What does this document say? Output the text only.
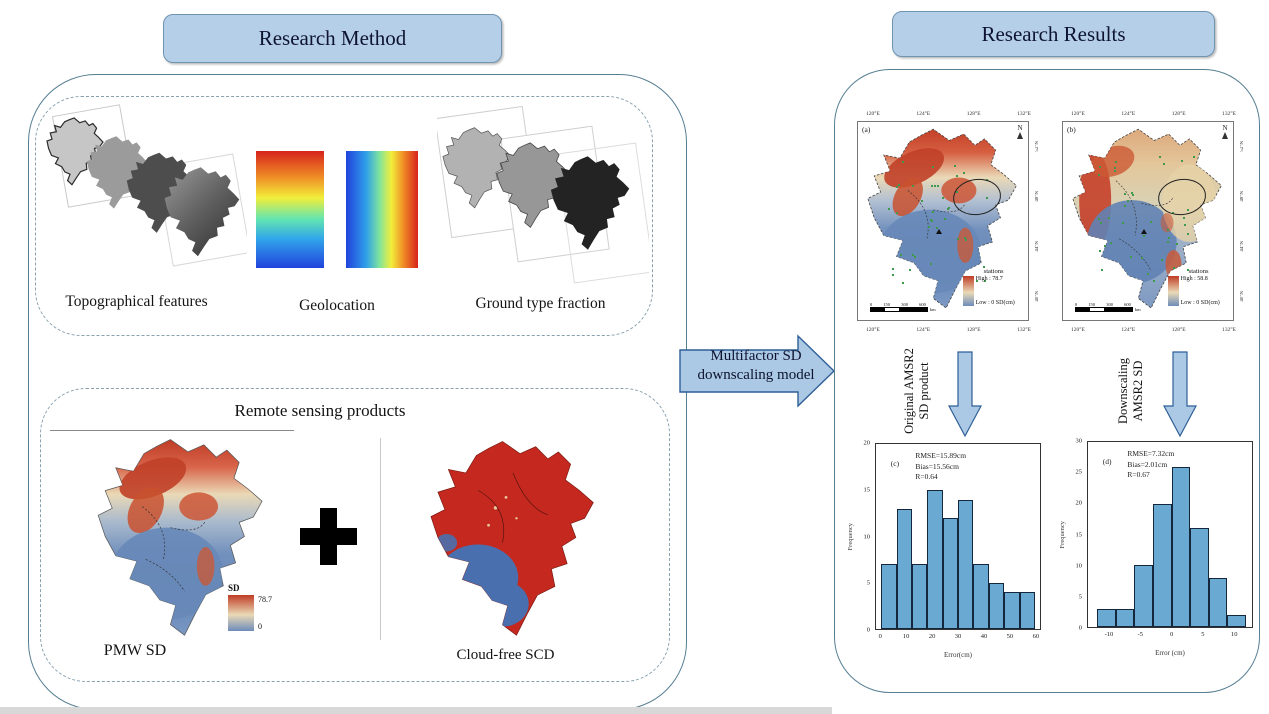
Research Method
Topographical features	Geolocation	Ground type fraction
Remote sensing products
SD
78.7
0
PMW SD	Cloud-free SCD
Multifactor SD
downscaling model
Research Results
120°E	124°E	128°E	132°E
(a)	N
stations
High : 78.7
Low : 0 SD(cm)
0 150 300 600
km
52°N
48°N
44°N
40°N
120°E	124°E	128°E	132°E
120°E	124°E	128°E	132°E
(b)	N
stations
High : 58.8
Low : 0 SD(cm)
0 150 300 600
km
52°N
48°N
44°N
40°N
120°E	124°E	128°E	132°E
Original AMSR2 SD product	Downscaling AMSR2 SD
Frequency
0
5
10
15
20
(c)
RMSE=15.89cm
Bias=15.56cm
R=0.64
0	10	20	30	40	50	60
Error(cm)
Frequency
0
5
10
15
20
25
30
(d)
RMSE=7.32cm
Bias=2.01cm
R=0.67
-10	-5	0	5	10
Error (cm)
